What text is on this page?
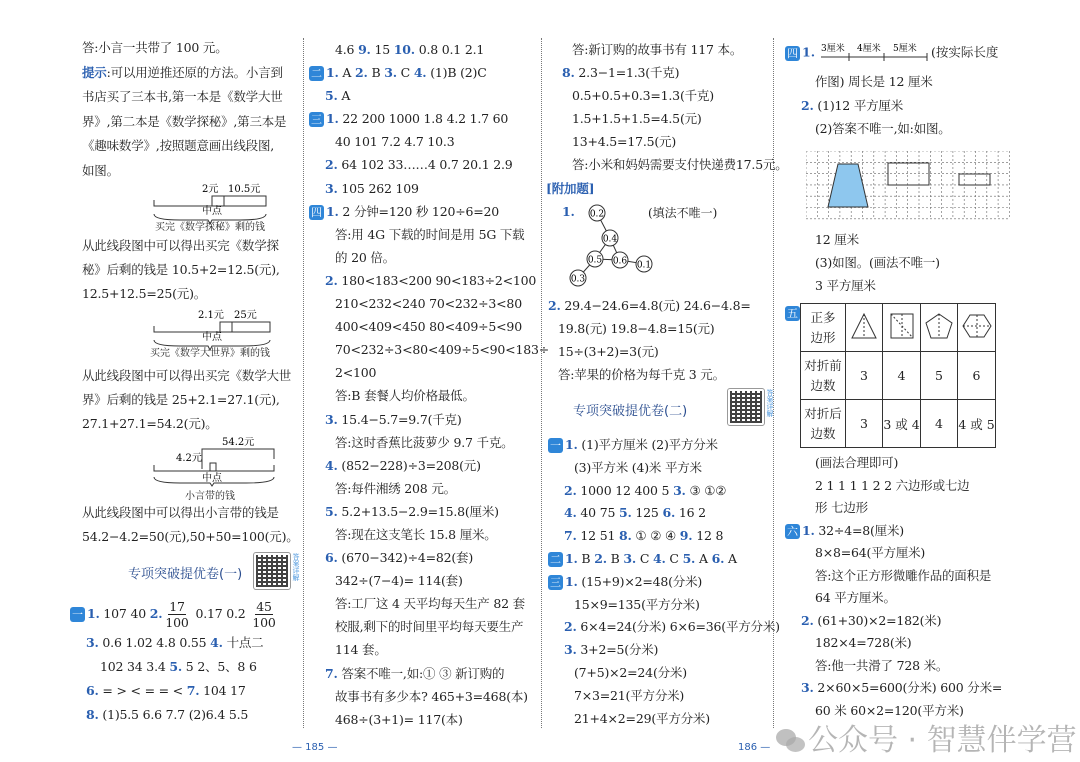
答:小言一共带了 100 元。
提示:可以用逆推还原的方法。小言到
书店买了三本书,第一本是《数学大世
界》,第二本是《数学探秘》,第三本是
《趣味数学》,按照题意画出线段图,
如图。
2元 10.5元
中点
买完《数学探秘》剩的钱
从此线段图中可以得出买完《数学探
秘》后剩的钱是 10.5+2=12.5(元),
12.5+12.5=25(元)。
2.1元 25元
中点
买完《数学大世界》剩的钱
从此线段图中可以得出买完《数学大世
界》后剩的钱是 25+2.1=27.1(元),
27.1+27.1=54.2(元)。
54.2元
4.2元
中点
小言带的钱
从此线段图中可以得出小言带的钱是
54.2−4.2=50(元),50+50=100(元)。
专项突破提优卷(一)	答案详解
一 1. 107 40 2. $\frac{17}{100} 0.17$ $0.2 \frac{45}{100}$
3. 0.6 1.02 4.8 0.55 4. 十点二
102 34 3.4 5. 5 2、5、8 6
6. = > < = = < 7. 104 17
8. (1)5.5 6.6 7.7 (2)6.4 5.5
— 185 —
4.6 9. 15 10. 0.8 0.1 2.1
二 1. A 2. B 3. C 4. (1)B (2)C
5. A
三 1. 22 200 1000 1.8 4.2 1.7 60
40 101 7.2 4.7 10.3
2. 64 102 33……4 0.7 20.1 2.9
3. 105 262 109
四 1. 2 分钟=120 秒 120÷6=20
答:用 4G 下载的时间是用 5G 下载
的 20 倍。
2. 180<183<200 90<183÷2<100
210<232<240 70<232÷3<80
400<409<450 80<409÷5<90
70<232÷3<80<409÷5<90<183÷
2<100
答:B 套餐人均价格最低。
3. 15.4−5.7=9.7(千克)
答:这时香蕉比菠萝少 9.7 千克。
4. (852−228)÷3=208(元)
答:每件湘绣 208 元。
5. 5.2+13.5−2.9=15.8(厘米)
答:现在这支笔长 15.8 厘米。
6. (670−342)÷4=82(套)
342÷(7−4)= 114(套)
答:工厂这 4 天平均每天生产 82 套
校服,剩下的时间里平均每天要生产
114 套。
7. 答案不唯一,如:① ③ 新订购的
故事书有多少本? 465+3=468(本)
468÷(3+1)= 117(本)
答:新订购的故事书有 117 本。
8. 2.3−1=1.3(千克)
0.5+0.5+0.3=1.3(千克)
1.5+1.5+1.5=4.5(元)
13+4.5=17.5(元)
答:小米和妈妈需要支付快递费17.5元。
[附加题]
1.	(填法不唯一)
0.2
0.4
0.5 0.6 0.1
0.3
2. 29.4−24.6=4.8(元) 24.6−4.8=
19.8(元) 19.8−4.8=15(元)
15÷(3+2)=3(元)
答:苹果的价格为每千克 3 元。
专项突破提优卷(二)	答案详解
一 1. (1)平方厘米 (2)平方分米
(3)平方米 (4)米 平方米
2. 1000 12 400 5 3. ③ ①②
4. 40 75 5. 125 6. 16 2
7. 12 51 8. ① ② ④ 9. 12 8
二 1. B 2. B 3. C 4. C 5. A 6. A
三 1. (15+9)×2=48(分米)
15×9=135(平方分米)
2. 6×4=24(分米) 6×6=36(平方分米)
3. 3+2=5(分米)
(7+5)×2=24(分米)
7×3=21(平方分米)
21+4×2=29(平方分米)
186 —
四 1. 3厘米 4厘米 5厘米 (按实际长度
作图) 周长是 12 厘米
2. (1)12 平方厘米
(2)答案不唯一,如:如图。
12 厘米
(3)如图。(画法不唯一)
3 平方厘米
五 正多
边形

对折前
边数	3	4	5	6

对折后
边数	3	3 或 4	4	4 或 5
(画法合理即可)
2 1 1 1 1 2 2 六边形或七边
形 七边形
六 1. 32÷4=8(厘米)
8×8=64(平方厘米)
答:这个正方形微雕作品的面积是
64 平方厘米。
2. (61+30)×2=182(米)
182×4=728(米)
答:他一共滑了 728 米。
3. 2×60×5=600(分米) 600 分米=
60 米 60×2=120(平方米)
公众号 · 智慧伴学营
